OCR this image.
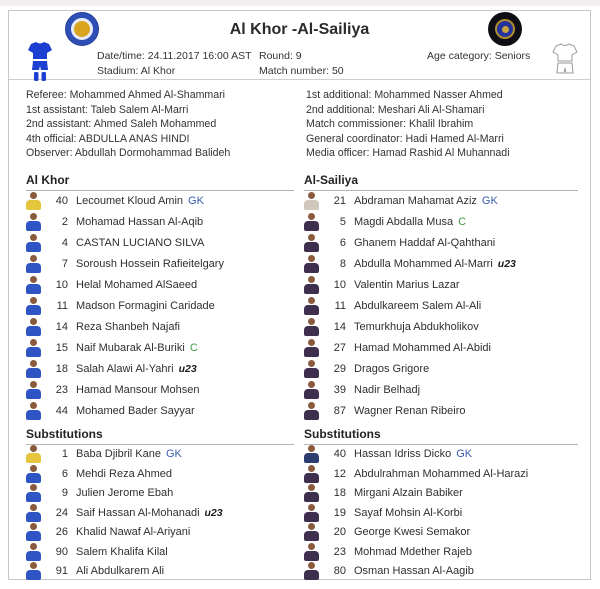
Al Khor -Al-Sailiya
Date/time: 24.11.2017 16:00 AST
Stadium: Al Khor
Round: 9
Match number: 50
Age category: Seniors
Referee: Mohammed Ahmed Al-Shammari
1st assistant: Taleb Salem Al-Marri
2nd assistant: Ahmed Saleh Mohammed
4th official: ABDULLA ANAS HINDI
Observer: Abdullah Dormohammad Balideh
1st additional: Mohammed Nasser Ahmed
2nd additional: Meshari Ali Al-Shamari
Match commissioner: Khalil Ibrahim
General coordinator: Hadi Hamed Al-Marri
Media officer: Hamad Rashid Al Muhannadi
Al Khor
40 Lecoumet Kloud Amin GK
2 Mohamad Hassan Al-Aqib
4 CASTAN LUCIANO SILVA
7 Soroush Hossein Rafieitelgary
10 Helal Mohamed AlSaeed
11 Madson Formagini Caridade
14 Reza Shanbeh Najafi
15 Naif Mubarak Al-Buriki C
18 Salah Alawi Al-Yahri u23
23 Hamad Mansour Mohsen
44 Mohamed Bader Sayyar
Substitutions
1 Baba Djibril Kane GK
6 Mehdi Reza Ahmed
9 Julien Jerome Ebah
24 Saif Hassan Al-Mohanadi u23
26 Khalid Nawaf Al-Ariyani
90 Salem Khalifa Kilal
91 Ali Abdulkarem Ali
Al-Sailiya
21 Abdraman Mahamat Aziz GK
5 Magdi Abdalla Musa C
6 Ghanem Haddaf Al-Qahthani
8 Abdulla Mohammed Al-Marri u23
10 Valentin Marius Lazar
11 Abdulkareem Salem Al-Ali
14 Temurkhuja Abdukholikov
27 Hamad Mohammed Al-Abidi
29 Dragos Grigore
39 Nadir Belhadj
87 Wagner Renan Ribeiro
Substitutions
40 Hassan Idriss Dicko GK
12 Abdulrahman Mohammed Al-Harazi
18 Mirgani Alzain Babiker
19 Sayaf Mohsin Al-Korbi
20 George Kwesi Semakor
23 Mohmad Mdether Rajeb
80 Osman Hassan Al-Aagib
